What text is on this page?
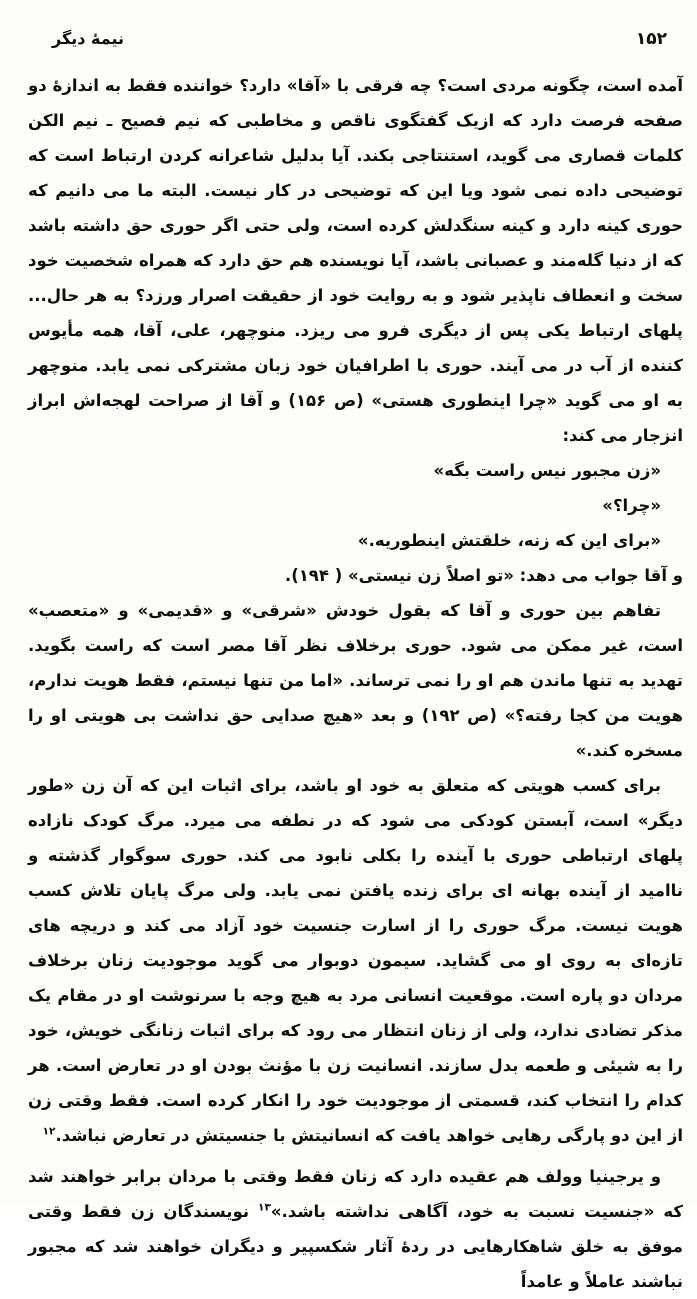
۱۵۲
نیمهٔ دیگر

آمده است، چگونه مردی است؟ چه فرقی با «آقا» دارد؟ خواننده فقط به اندازهٔ دو صفحه فرصت دارد که ازیک گفتگوی ناقص و مخاطبی که نیم فصیح ـ نیم الکن کلمات قصاری می گوید، استنتاجی بکند. آیا بدلیل شاعرانه کردن ارتباط است که توضیحی داده نمی شود ویا این که توضیحی در کار نیست. البته ما می دانیم که حوری کینه دارد و کینه سنگدلش کرده است، ولی حتی اگر حوری حق داشته باشد که از دنیا گله‌مند و عصبانی باشد، آیا نویسنده هم حق دارد که همراه شخصیت خود سخت و انعطاف ناپذیر شود و به روایت خود از حقیقت اصرار ورزد؟ به هر حال... پلهای ارتباط یکی پس از دیگری فرو می ریزد. منوچهر، علی، آقا، همه مأیوس کننده از آب در می آیند. حوری با اطرافیان خود زبان مشترکی نمی یابد. منوچهر به او می گوید «چرا اینطوری هستی» (ص ۱۵۶) و آقا از صراحت لهجه‌اش ابراز انزجار می کند:

«زن مجبور نیس راست بگه»

«چرا؟»

«برای این که زنه، خلقتش اینطوریه.»

و آقا جواب می دهد: «تو اصلاً زن نیستی» ( ۱۹۴).

تفاهم بین حوری و آقا که بقول خودش «شرقی» و «قدیمی» و «متعصب» است، غیر ممکن می شود. حوری برخلاف نظر آقا مصر است که راست بگوید. تهدید به تنها ماندن هم او را نمی ترساند. «اما من تنها نیستم، فقط هویت ندارم، هویت من کجا رفته؟» (ص ۱۹۲) و بعد «هیچ صدایی حق نداشت بی هویتی او را مسخره کند.»

برای کسب هویتی که متعلق به خود او باشد، برای اثبات این که آن زن «طور دیگر» است، آبستن کودکی می شود که در نطفه می میرد. مرگ کودک نازاده پلهای ارتباطی حوری با آینده را بکلی نابود می کند. حوری سوگوار گذشته و ناامید از آینده بهانه ای برای زنده یافتن نمی یابد. ولی مرگ پایان تلاش کسب هویت نیست. مرگ حوری را از اسارت جنسیت خود آزاد می کند و دریچه های تازه‌ای به روی او می گشاید. سیمون دوبوار می گوید موجودیت زنان برخلاف مردان دو پاره است. موقعیت انسانی مرد به هیچ وجه با سرنوشت او در مقام یک مذکر تضادی ندارد، ولی از زنان انتظار می رود که برای اثبات زنانگی خویش، خود را به شیئی و طعمه بدل سازند. انسانیت زن با مؤنث بودن او در تعارض است. هر کدام را انتخاب کند، قسمتی از موجودیت خود را انکار کرده است. فقط وقتی زن از این دو پارگی رهایی خواهد یافت که انسانیتش با جنسیتش در تعارض نباشد.$^{۱۲}$

و یرجینیا وولف هم عقیده دارد که زنان فقط وقتی با مردان برابر خواهند شد که «جنسیت نسبت به خود، آگاهی نداشته باشد.»$^{۱۳}$ نویسندگان زن فقط وقتی موفق به خلق شاهکارهایی در ردهٔ آثار شکسپیر و دیگران خواهند شد که مجبور نباشند عاملاً و عامداً
